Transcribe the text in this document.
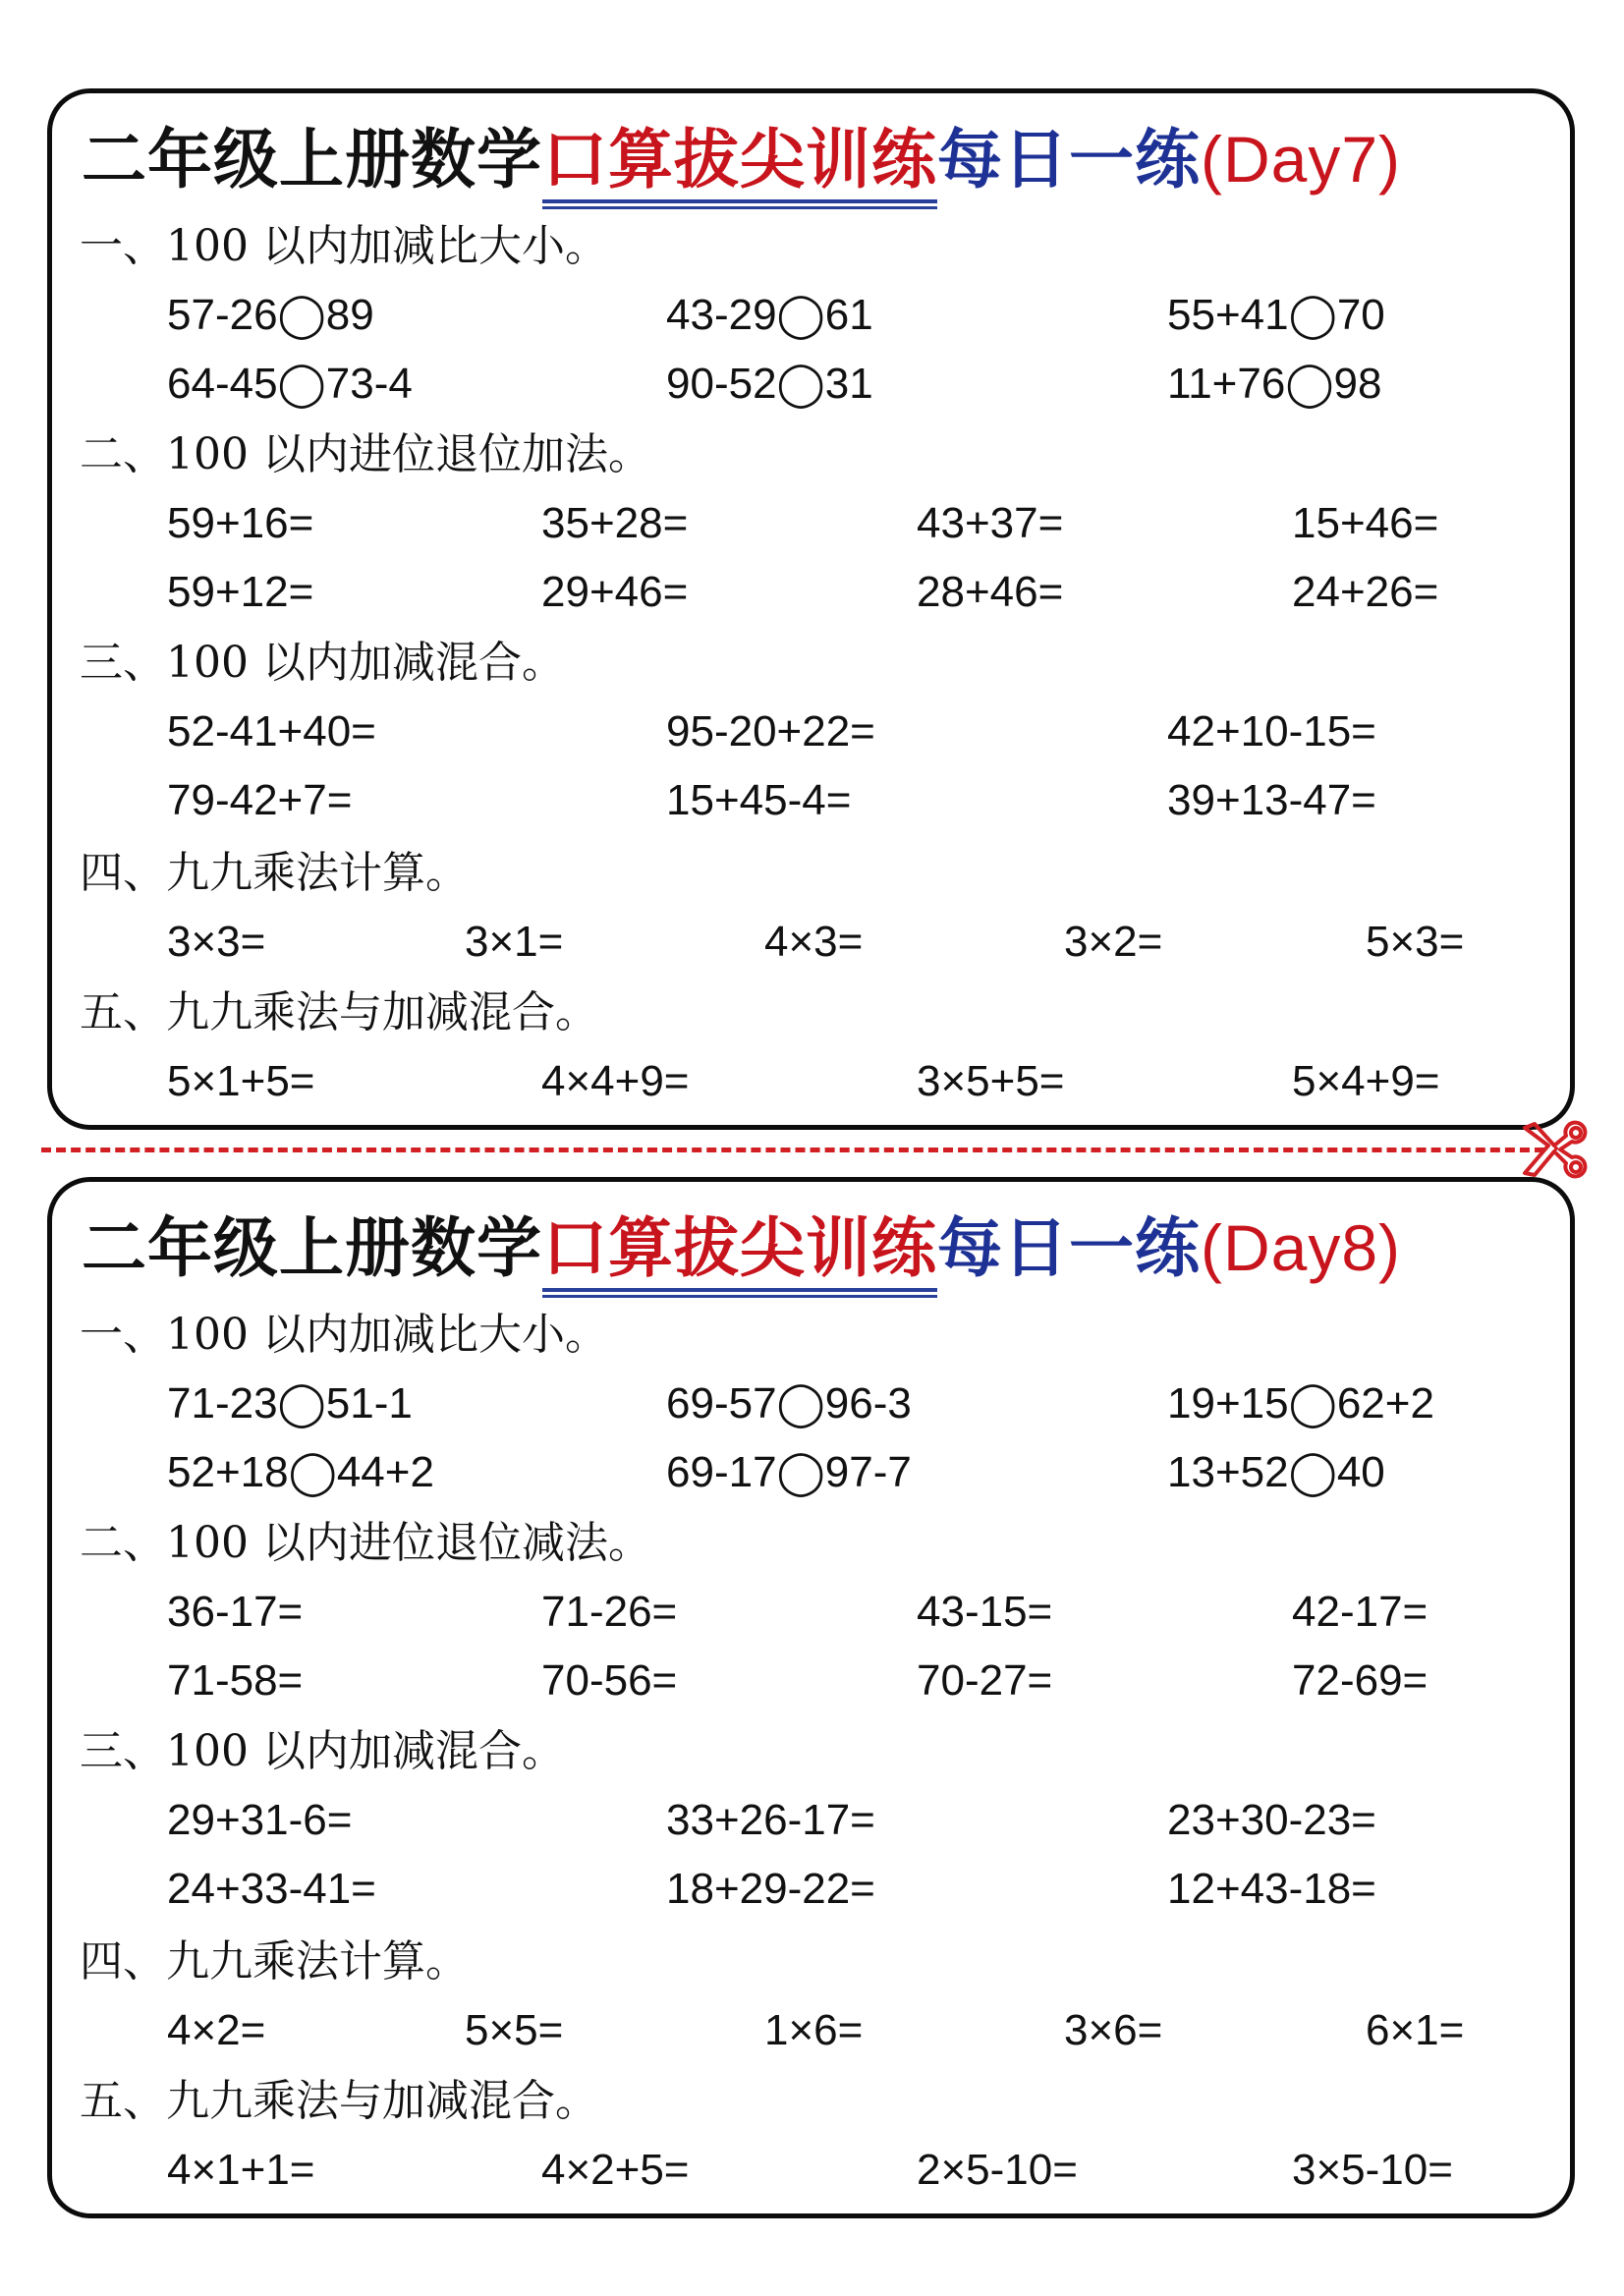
二年级上册数学口算拔尖训练每日一练(Day7)
一、100 以内加减比大小。
57-26◯89	43-29◯61	55+41◯70
64-45◯73-4	90-52◯31	11+76◯98
二、100 以内进位退位加法。
59+16=	35+28=	43+37=	15+46=
59+12=	29+46=	28+46=	24+26=
三、100 以内加减混合。
52-41+40=	95-20+22=	42+10-15=
79-42+7=	15+45-4=	39+13-47=
四、九九乘法计算。
3×3=	3×1=	4×3=	3×2=	5×3=
五、九九乘法与加减混合。
5×1+5=	4×4+9=	3×5+5=	5×4+9=
二年级上册数学口算拔尖训练每日一练(Day8)
一、100 以内加减比大小。
71-23◯51-1	69-57◯96-3	19+15◯62+2
52+18◯44+2	69-17◯97-7	13+52◯40
二、100 以内进位退位减法。
36-17=	71-26=	43-15=	42-17=
71-58=	70-56=	70-27=	72-69=
三、100 以内加减混合。
29+31-6=	33+26-17=	23+30-23=
24+33-41=	18+29-22=	12+43-18=
四、九九乘法计算。
4×2=	5×5=	1×6=	3×6=	6×1=
五、九九乘法与加减混合。
4×1+1=	4×2+5=	2×5-10=	3×5-10=
